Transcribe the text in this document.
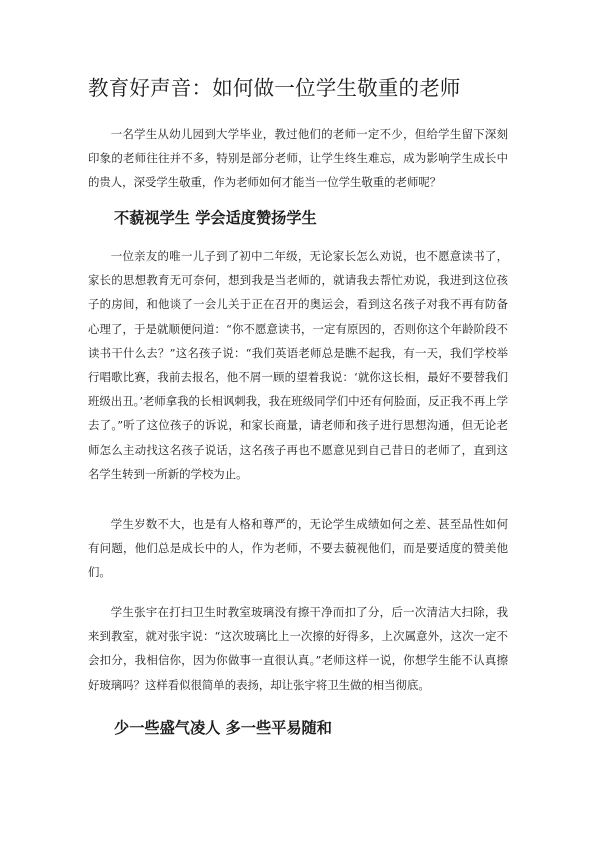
教育好声音：如何做一位学生敬重的老师

一名学生从幼儿园到大学毕业，教过他们的老师一定不少，但给学生留下深刻印象的老师往往并不多，特别是部分老师，让学生终生难忘，成为影响学生成长中的贵人，深受学生敬重，作为老师如何才能当一位学生敬重的老师呢？

不藐视学生 学会适度赞扬学生

一位亲友的唯一儿子到了初中二年级，无论家长怎么劝说，也不愿意读书了，家长的思想教育无可奈何，想到我是当老师的，就请我去帮忙劝说，我进到这位孩子的房间，和他谈了一会儿关于正在召开的奥运会，看到这名孩子对我不再有防备心理了，于是就顺便问道：“你不愿意读书，一定有原因的，否则你这个年龄阶段不读书干什么去？”这名孩子说：“我们英语老师总是瞧不起我，有一天，我们学校举行唱歌比赛，我前去报名，他不屑一顾的望着我说：‘就你这长相，最好不要替我们班级出丑。’老师拿我的长相讽刺我，我在班级同学们中还有何脸面，反正我不再上学去了。”听了这位孩子的诉说，和家长商量，请老师和孩子进行思想沟通，但无论老师怎么主动找这名孩子说话，这名孩子再也不愿意见到自己昔日的老师了，直到这名学生转到一所新的学校为止。

学生岁数不大，也是有人格和尊严的，无论学生成绩如何之差、甚至品性如何有问题，他们总是成长中的人，作为老师，不要去藐视他们，而是要适度的赞美他们。

学生张宇在打扫卫生时教室玻璃没有擦干净而扣了分，后一次清洁大扫除，我来到教室，就对张宇说：“这次玻璃比上一次擦的好得多，上次属意外，这次一定不会扣分，我相信你，因为你做事一直很认真。”老师这样一说，你想学生能不认真擦好玻璃吗？这样看似很简单的表扬，却让张宇将卫生做的相当彻底。

少一些盛气凌人 多一些平易随和
